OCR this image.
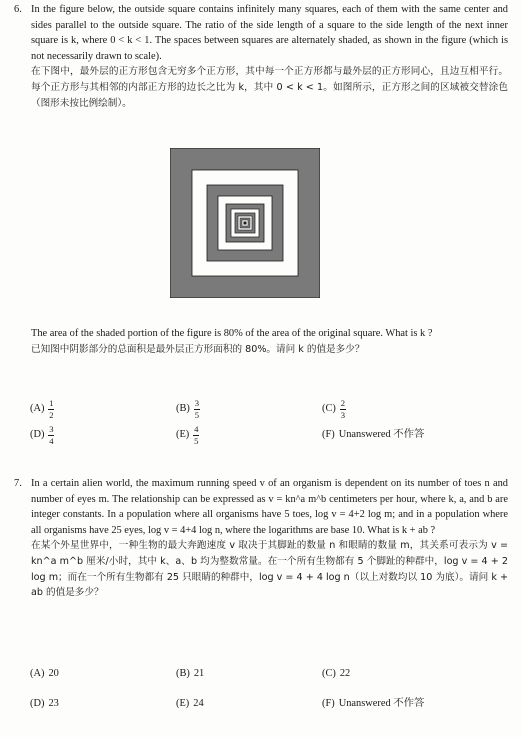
6. In the figure below, the outside square contains infinitely many squares, each of them with the same center and sides parallel to the outside square. The ratio of the side length of a square to the side length of the next inner square is k, where 0 < k < 1. The spaces between squares are alternately shaded, as shown in the figure (which is not necessarily drawn to scale).

在下图中，最外层的正方形包含无穷多个正方形，其中每一个正方形都与最外层的正方形同心，且边互相平行。每个正方形与其相邻的内部正方形的边长之比为 k，其中 0 < k < 1。如图所示，正方形之间的区域被交替涂色（图形未按比例绘制）。

The area of the shaded portion of the figure is 80% of the area of the original square. What is k ?

已知图中阴影部分的总面积是最外层正方形面积的 80%。请问 k 的值是多少？

$(A) \frac{1}{2}$	$(B) \frac{3}{5}$	$(C) \frac{2}{3}$
$(D) \frac{3}{4}$	$(E) \frac{4}{5}$	(F) Unanswered 不作答
7. In a certain alien world, the maximum running speed v of an organism is dependent on its number of toes n and number of eyes m. The relationship can be expressed as v = kn^a m^b centimeters per hour, where k, a, and b are integer constants. In a population where all organisms have 5 toes, log v = 4+2 log m; and in a population where all organisms have 25 eyes, log v = 4+4 log n, where the logarithms are base 10. What is k + ab ?

在某个外星世界中，一种生物的最大奔跑速度 v 取决于其脚趾的数量 n 和眼睛的数量 m，其关系可表示为 v = kn^a m^b 厘米/小时，其中 k、a、b 均为整数常量。在一个所有生物都有 5 个脚趾的种群中，log v = 4 + 2 log m；而在一个所有生物都有 25 只眼睛的种群中，log v = 4 + 4 log n（以上对数均以 10 为底）。请问 k + ab 的值是多少？

(A) 20	(B) 21	(C) 22
(D) 23	(E) 24	(F) Unanswered 不作答
